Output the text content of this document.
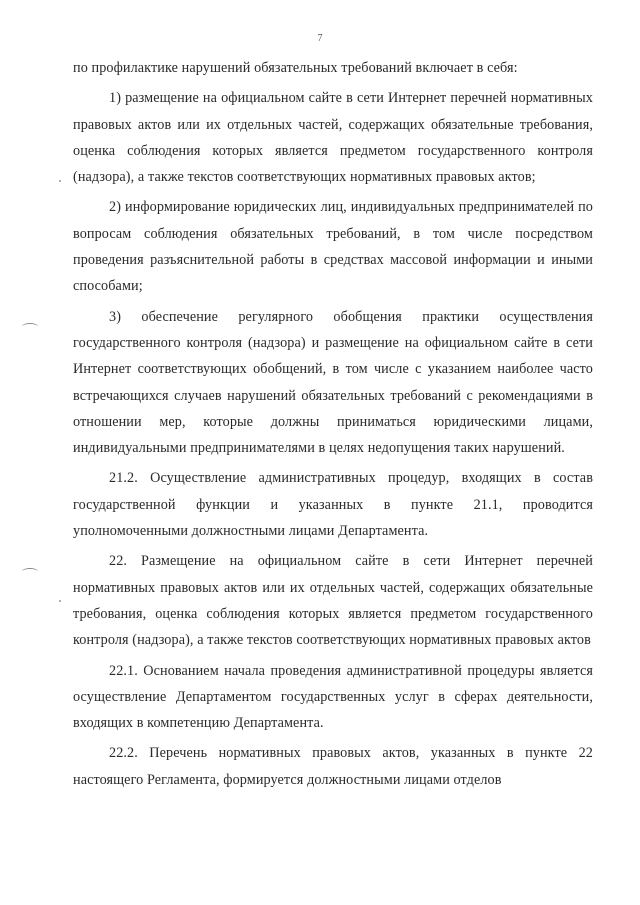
7

по профилактике нарушений обязательных требований включает в себя:

1) размещение на официальном сайте в сети Интернет перечней нормативных правовых актов или их отдельных частей, содержащих обязательные требования, оценка соблюдения которых является предметом государственного контроля (надзора), а также текстов соответствующих нормативных правовых актов;

2) информирование юридических лиц, индивидуальных предпринимателей по вопросам соблюдения обязательных требований, в том числе посредством проведения разъяснительной работы в средствах массовой информации и иными способами;

3) обеспечение регулярного обобщения практики осуществления государственного контроля (надзора) и размещение на официальном сайте в сети Интернет соответствующих обобщений, в том числе с указанием наиболее часто встречающихся случаев нарушений обязательных требований с рекомендациями в отношении мер, которые должны приниматься юридическими лицами, индивидуальными предпринимателями в целях недопущения таких нарушений.

21.2. Осуществление административных процедур, входящих в состав государственной функции и указанных в пункте 21.1, проводится уполномоченными должностными лицами Департамента.

22. Размещение на официальном сайте в сети Интернет перечней нормативных правовых актов или их отдельных частей, содержащих обязательные требования, оценка соблюдения которых является предметом государственного контроля (надзора), а также текстов соответствующих нормативных правовых актов

22.1. Основанием начала проведения административной процедуры является осуществление Департаментом государственных услуг в сферах деятельности, входящих в компетенцию Департамента.

22.2. Перечень нормативных правовых актов, указанных в пункте 22 настоящего Регламента, формируется должностными лицами отделов
